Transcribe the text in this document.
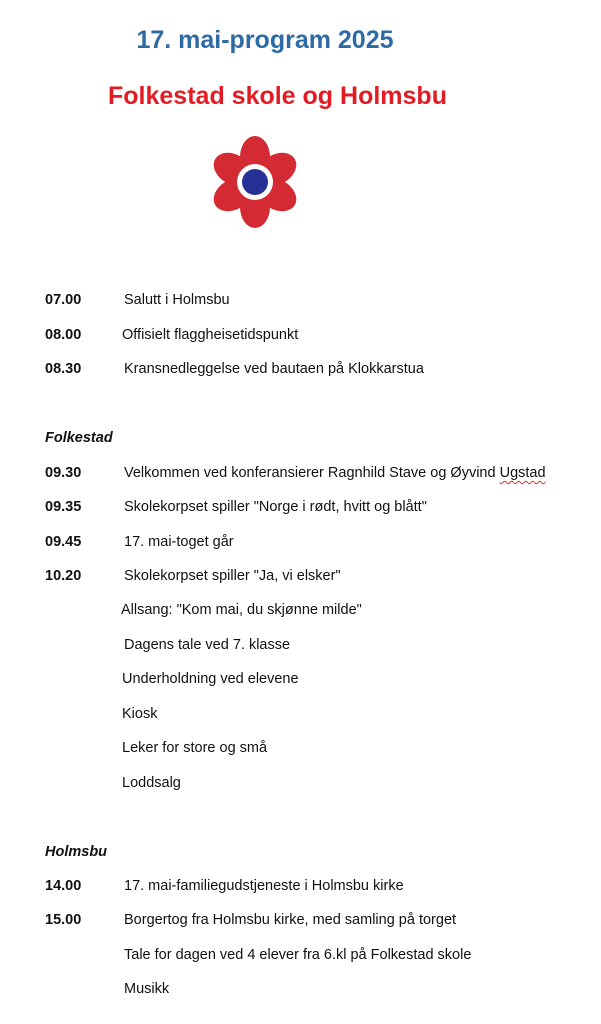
17. mai-program 2025
Folkestad skole og Holmsbu
07.00	Salutt i Holmsbu
08.00	Offisielt flaggheisetidspunkt
08.30	Kransnedleggelse ved bautaen på Klokkarstua
Folkestad
09.30	Velkommen ved konferansierer Ragnhild Stave og Øyvind Ugstad
09.35	Skolekorpset spiller "Norge i rødt, hvitt og blått"
09.45	17. mai-toget går
10.20	Skolekorpset spiller "Ja, vi elsker"
Allsang: "Kom mai, du skjønne milde"
Dagens tale ved 7. klasse
Underholdning ved elevene
Kiosk
Leker for store og små
Loddsalg
Holmsbu
14.00	17. mai-familiegudstjeneste i Holmsbu kirke
15.00	Borgertog fra Holmsbu kirke, med samling på torget
Tale for dagen ved 4 elever fra 6.kl på Folkestad skole
Musikk
